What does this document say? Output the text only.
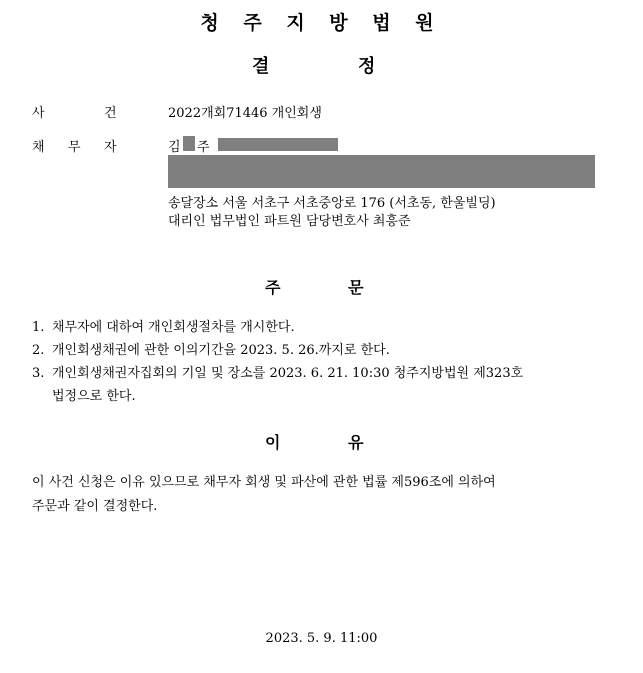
청 주 지 방 법 원
결	정
사	건	2022개회71446 개인회생
채 무 자	김 주
송달장소 서울 서초구 서초중앙로 176 (서초동, 한울빌딩)
대리인 법무법인 파트원 담당변호사 최흥준
주	문
1. 채무자에 대하여 개인회생절차를 개시한다.
2. 개인회생채권에 관한 이의기간을 2023. 5. 26.까지로 한다.
3. 개인회생채권자집회의 기일 및 장소를 2023. 6. 21. 10:30 청주지방법원 제323호
법정으로 한다.
이	유
이 사건 신청은 이유 있으므로 채무자 회생 및 파산에 관한 법률 제596조에 의하여
주문과 같이 결정한다.
2023. 5. 9. 11:00
